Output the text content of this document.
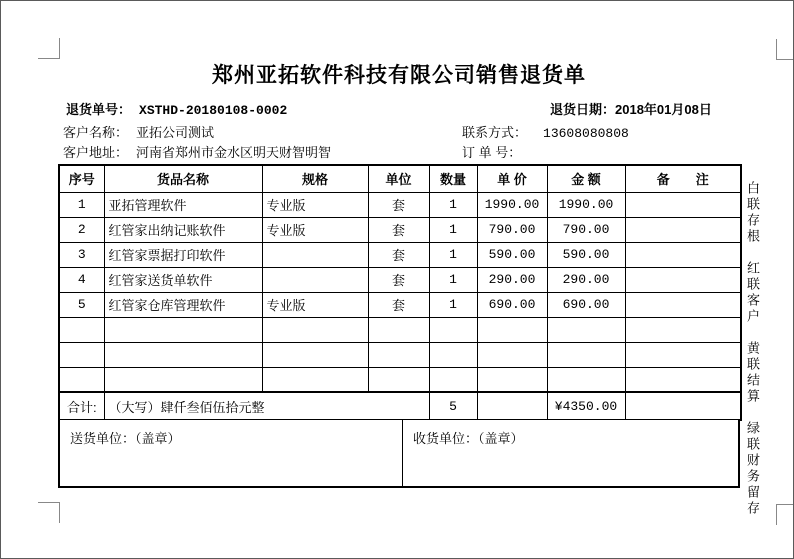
郑州亚拓软件科技有限公司销售退货单
退货单号： XSTHD-20180108-0002	退货日期：2018年01月08日
客户名称： 亚拓公司测试	联系方式： 13608080808
客户地址： 河南省郑州市金水区明天财智明智	订 单 号：
序号	货品名称	规格	单位	数量	单 价	金 额	备　　注
1	亚拓管理软件	专业版	套	1	1990.00	1990.00	
2	红管家出纳记账软件	专业版	套	1	790.00	790.00	
3	红管家票据打印软件		套	1	590.00	590.00	
4	红管家送货单软件		套	1	290.00	290.00	
5	红管家仓库管理软件	专业版	套	1	690.00	690.00	

合计:	（大写）肆仟叁佰伍拾元整			5		¥4350.00	
送货单位：（盖章）	收货单位：（盖章）	白联存根　红联客户　黄联结算　绿联财务留存
